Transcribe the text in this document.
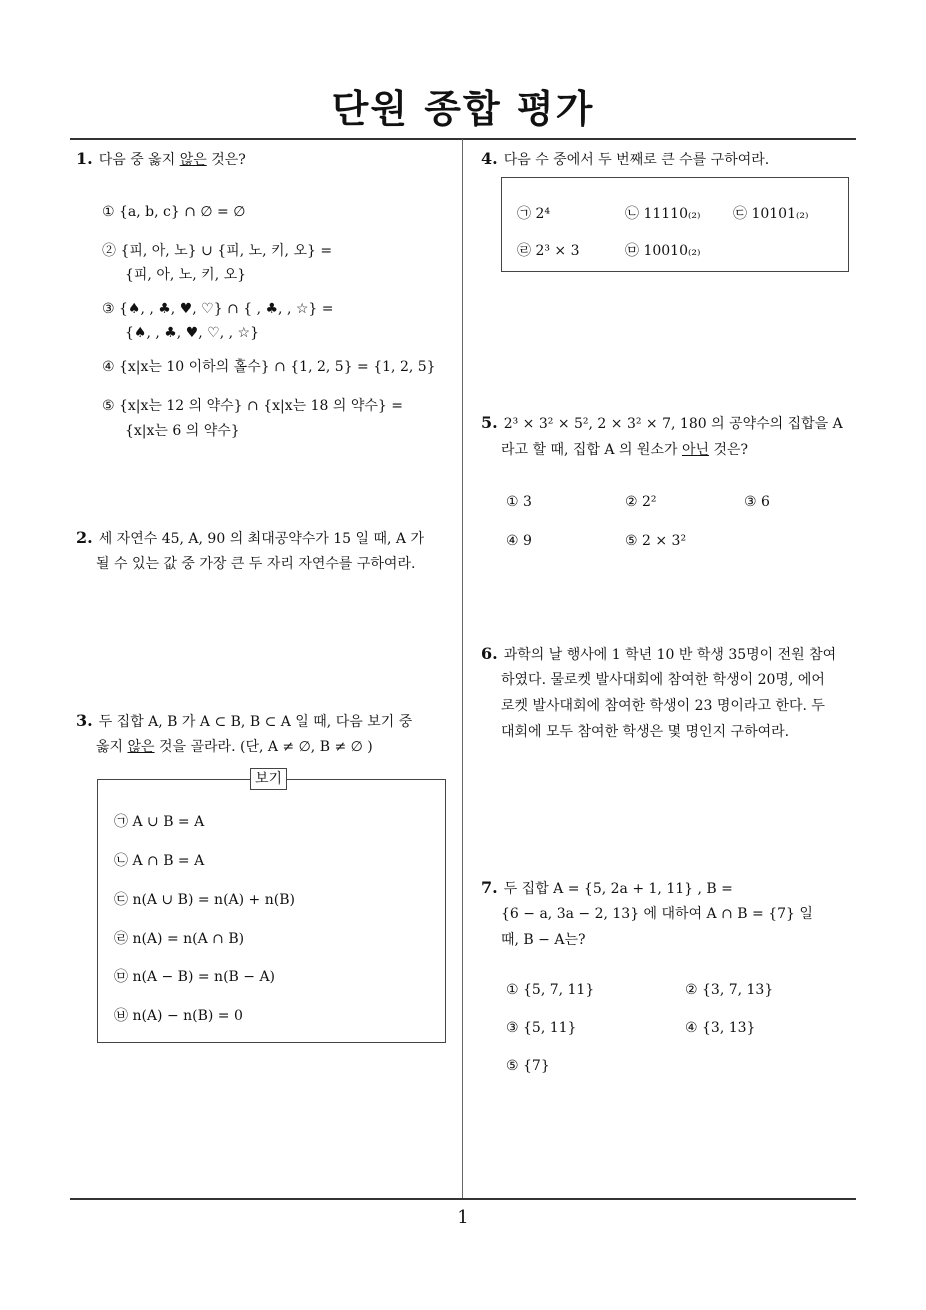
단원 종합 평가
1. 다음 중 옳지 않은 것은?
① {a, b, c} ∩ ∅ = ∅
② {피, 아, 노} ∪ {피, 노, 키, 오} =
{피, 아, 노, 키, 오}
③ {♠, , ♣, ♥, ♡} ∩ { , ♣, , ☆} =
{♠, , ♣, ♥, ♡, , ☆}
④ {x|x는 10 이하의 홀수} ∩ {1, 2, 5} = {1, 2, 5}
⑤ {x|x는 12 의 약수} ∩ {x|x는 18 의 약수} =
{x|x는 6 의 약수}
2. 세 자연수 45, A, 90 의 최대공약수가 15 일 때, A 가
될 수 있는 값 중 가장 큰 두 자리 자연수를 구하여라.
3. 두 집합 A, B 가 A ⊂ B, B ⊂ A 일 때, 다음 보기 중
옳지 않은 것을 골라라. (단, A ≠ ∅, B ≠ ∅ )
보기
㉠ A ∪ B = A
㉡ A ∩ B = A
㉢ n(A ∪ B) = n(A) + n(B)
㉣ n(A) = n(A ∩ B)
㉤ n(A − B) = n(B − A)
㉥ n(A) − n(B) = 0
4. 다음 수 중에서 두 번째로 큰 수를 구하여라.
㉠ 2⁴	㉡ 11110₍₂₎ ㉢ 10101₍₂₎
㉣ 2³ × 3	㉤ 10010₍₂₎
5. 2³ × 3² × 5², 2 × 3² × 7, 180 의 공약수의 집합을 A
라고 할 때, 집합 A 의 원소가 아닌 것은?
① 3	② 2²	③ 6
④ 9	⑤ 2 × 3²
6. 과학의 날 행사에 1 학년 10 반 학생 35명이 전원 참여
하였다. 물로켓 발사대회에 참여한 학생이 20명, 에어
로켓 발사대회에 참여한 학생이 23 명이라고 한다. 두
대회에 모두 참여한 학생은 몇 명인지 구하여라.
7. 두 집합 A = {5, 2a + 1, 11} , B =
{6 − a, 3a − 2, 13} 에 대하여 A ∩ B = {7} 일
때, B − A는?
① {5, 7, 11}	② {3, 7, 13}
③ {5, 11}	④ {3, 13}
⑤ {7}
1
